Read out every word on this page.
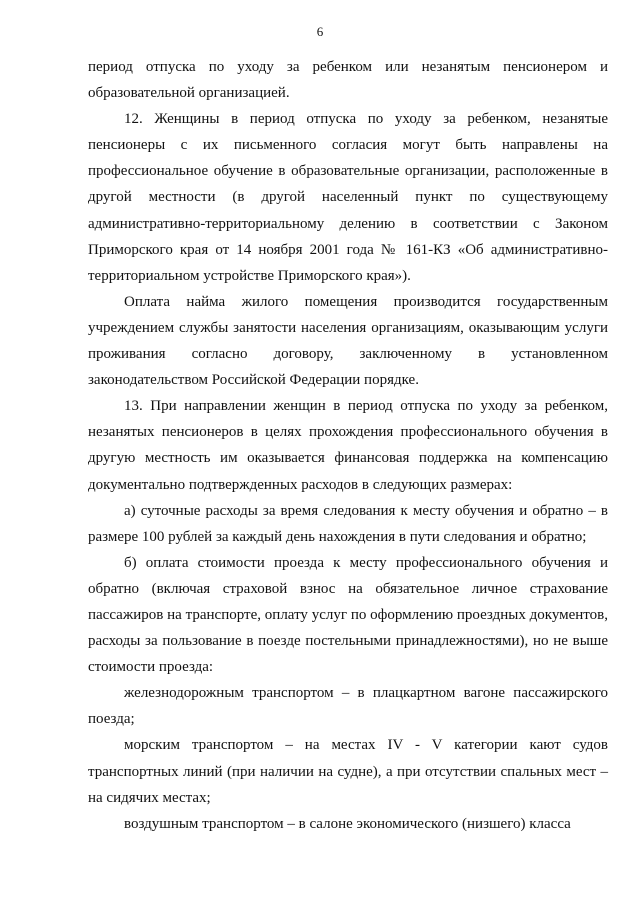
6

период отпуска по уходу за ребенком или незанятым пенсионером и образовательной организацией.

12. Женщины в период отпуска по уходу за ребенком, незанятые пенсионеры с их письменного согласия могут быть направлены на профессиональное обучение в образовательные организации, расположенные в другой местности (в другой населенный пункт по существующему административно-территориальному делению в соответствии с Законом Приморского края от 14 ноября 2001 года № 161-КЗ «Об административно-территориальном устройстве Приморского края»).

Оплата найма жилого помещения производится государственным учреждением службы занятости населения организациям, оказывающим услуги проживания согласно договору, заключенному в установленном законодательством Российской Федерации порядке.

13. При направлении женщин в период отпуска по уходу за ребенком, незанятых пенсионеров в целях прохождения профессионального обучения в другую местность им оказывается финансовая поддержка на компенсацию документально подтвержденных расходов в следующих размерах:

а) суточные расходы за время следования к месту обучения и обратно – в размере 100 рублей за каждый день нахождения в пути следования и обратно;

б) оплата стоимости проезда к месту профессионального обучения и обратно (включая страховой взнос на обязательное личное страхование пассажиров на транспорте, оплату услуг по оформлению проездных документов, расходы за пользование в поезде постельными принадлежностями), но не выше стоимости проезда:

железнодорожным транспортом – в плацкартном вагоне пассажирского поезда;

морским транспортом – на местах IV - V категории кают судов транспортных линий (при наличии на судне), а при отсутствии спальных мест – на сидячих местах;

воздушным транспортом – в салоне экономического (низшего) класса
